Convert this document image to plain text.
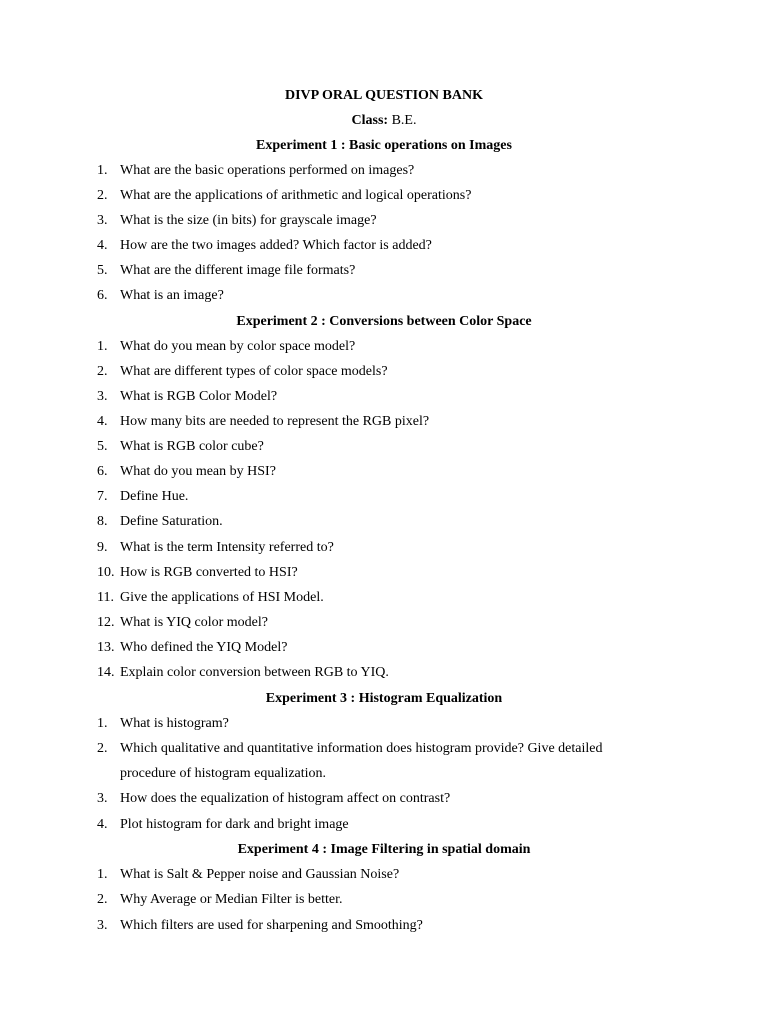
DIVP ORAL QUESTION BANK
Class: B.E.
Experiment 1 : Basic operations on Images
1. What are the basic operations performed on images?
2. What are the applications of arithmetic and logical operations?
3. What is the size (in bits) for grayscale image?
4. How are the two images added? Which factor is added?
5. What are the different image file formats?
6. What is an image?
Experiment 2 : Conversions between Color Space
1. What do you mean by color space model?
2. What are different types of color space models?
3. What is RGB Color Model?
4. How many bits are needed to represent the RGB pixel?
5. What is RGB color cube?
6. What do you mean by HSI?
7. Define Hue.
8. Define Saturation.
9. What is the term Intensity referred to?
10. How is RGB converted to HSI?
11. Give the applications of HSI Model.
12. What is YIQ color model?
13. Who defined the YIQ Model?
14. Explain color conversion between RGB to YIQ.
Experiment 3 : Histogram Equalization
1. What is histogram?
2. Which qualitative and quantitative information does histogram provide? Give detailed
procedure of histogram equalization.
3. How does the equalization of histogram affect on contrast?
4. Plot histogram for dark and bright image
Experiment 4 : Image Filtering in spatial domain
1. What is Salt & Pepper noise and Gaussian Noise?
2. Why Average or Median Filter is better.
3. Which filters are used for sharpening and Smoothing?
